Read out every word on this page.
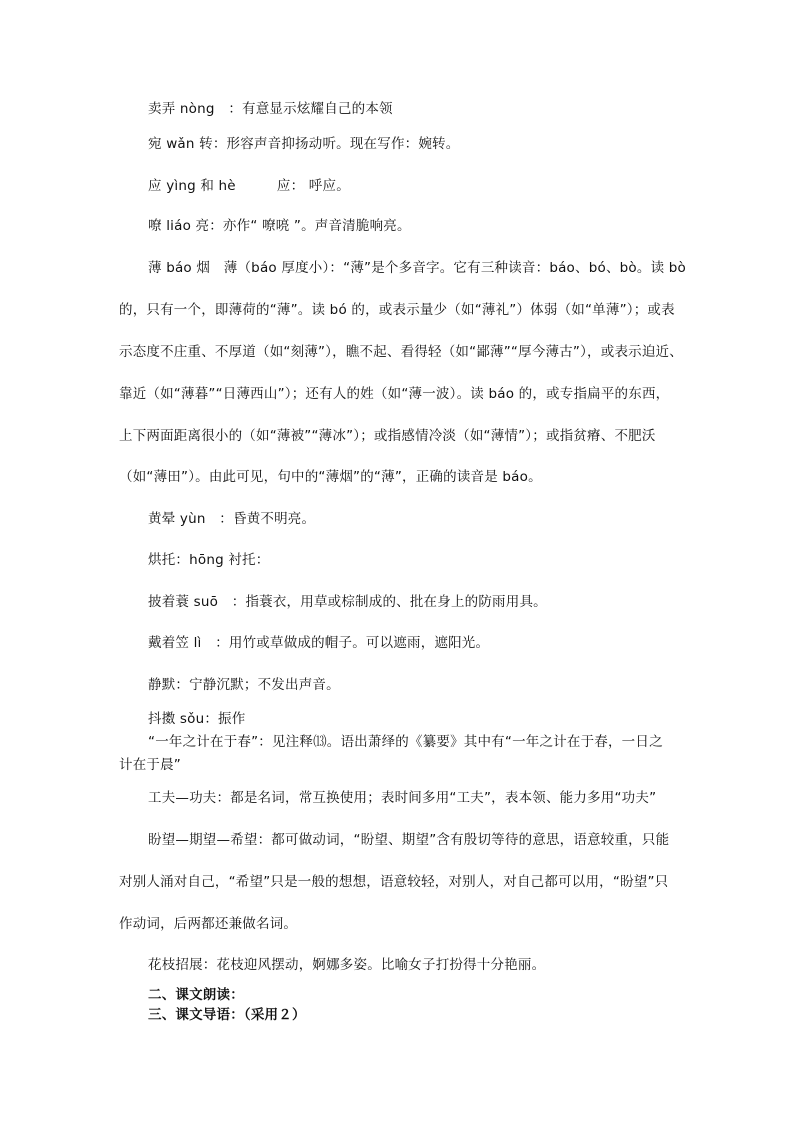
卖弄 nòng　：有意显示炫耀自己的本领
宛 wǎn 转：形容声音抑扬动听。现在写作：婉转。
应 yìng 和 hè　　　应： 呼应。
嘹 liáo 亮：亦作“ 嘹喨 ”。声音清脆响亮。
薄 báo 烟　薄（báo 厚度小）：“薄”是个多音字。它有三种读音：báo、bó、bò。读 bò
的，只有一个，即薄荷的“薄”。读 bó 的，或表示量少（如“薄礼”）体弱（如“单薄”）；或表
示态度不庄重、不厚道（如“刻薄”），瞧不起、看得轻（如“鄙薄”“厚今薄古”），或表示迫近、
靠近（如“薄暮”“日薄西山”）；还有人的姓（如“薄一波）。读 báo 的，或专指扁平的东西，
上下两面距离很小的（如“薄被”“薄冰”）；或指感情冷淡（如“薄情”）；或指贫瘠、不肥沃
（如“薄田”）。由此可见，句中的“薄烟”的“薄”，正确的读音是 báo。
黄晕 yùn　：昏黄不明亮。
烘托：hōng 衬托：
披着蓑 suō　：指蓑衣，用草或棕制成的、批在身上的防雨用具。
戴着笠 lì　：用竹或草做成的帽子。可以遮雨，遮阳光。
静默：宁静沉默；不发出声音。
抖擞 sǒu：振作
“一年之计在于春”：见注释⒀。语出萧绎的《纂要》其中有“一年之计在于春，一日之
计在于晨”
工夫—功夫：都是名词，常互换使用；表时间多用“工夫”，表本领、能力多用“功夫”
盼望—期望—希望：都可做动词，“盼望、期望”含有殷切等待的意思，语意较重，只能
对别人涌对自己，“希望”只是一般的想想，语意较轻，对别人，对自己都可以用，“盼望”只
作动词，后两都还兼做名词。
花枝招展：花枝迎风摆动，婀娜多姿。比喻女子打扮得十分艳丽。
二、课文朗读：
三、课文导语：（采用２）
